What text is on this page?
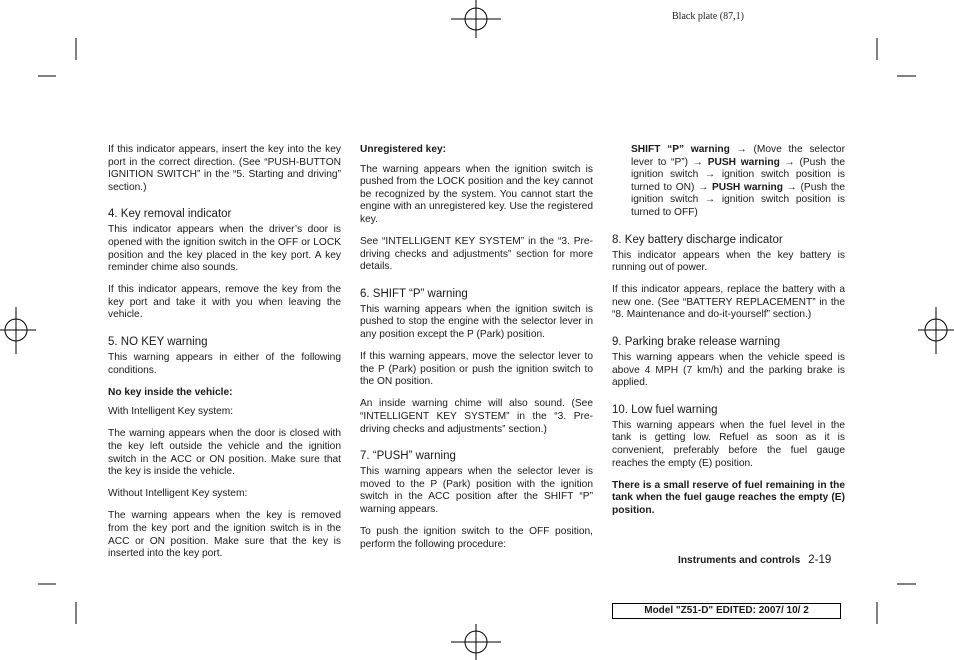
Black plate (87,1)

If this indicator appears, insert the key into the key port in the correct direction. (See “PUSH-BUTTON IGNITION SWITCH” in the “5. Starting and driving” section.)

4. Key removal indicator

This indicator appears when the driver’s door is opened with the ignition switch in the OFF or LOCK position and the key placed in the key port. A key reminder chime also sounds.

If this indicator appears, remove the key from the key port and take it with you when leaving the vehicle.

5. NO KEY warning

This warning appears in either of the following conditions.

No key inside the vehicle:

With Intelligent Key system:

The warning appears when the door is closed with the key left outside the vehicle and the ignition switch in the ACC or ON position. Make sure that the key is inside the vehicle.

Without Intelligent Key system:

The warning appears when the key is removed from the key port and the ignition switch is in the ACC or ON position. Make sure that the key is inserted into the key port.

Unregistered key:

The warning appears when the ignition switch is pushed from the LOCK position and the key cannot be recognized by the system. You cannot start the engine with an unregistered key. Use the registered key.

See “INTELLIGENT KEY SYSTEM” in the “3. Pre-driving checks and adjustments” section for more details.

6. SHIFT “P” warning

This warning appears when the ignition switch is pushed to stop the engine with the selector lever in any position except the P (Park) position.

If this warning appears, move the selector lever to the P (Park) position or push the ignition switch to the ON position.

An inside warning chime will also sound. (See “INTELLIGENT KEY SYSTEM” in the “3. Pre-driving checks and adjustments” section.)

7. “PUSH” warning

This warning appears when the selector lever is moved to the P (Park) position with the ignition switch in the ACC position after the SHIFT “P” warning appears.

To push the ignition switch to the OFF position, perform the following procedure:

SHIFT “P” warning → (Move the selector lever to “P”) → PUSH warning → (Push the ignition switch → ignition switch position is turned to ON) → PUSH warning → (Push the ignition switch → ignition switch position is turned to OFF)

8. Key battery discharge indicator

This indicator appears when the key battery is running out of power.

If this indicator appears, replace the battery with a new one. (See “BATTERY REPLACEMENT” in the “8. Maintenance and do-it-yourself” section.)

9. Parking brake release warning

This warning appears when the vehicle speed is above 4 MPH (7 km/h) and the parking brake is applied.

10. Low fuel warning

This warning appears when the fuel level in the tank is getting low. Refuel as soon as it is convenient, preferably before the fuel gauge reaches the empty (E) position.

There is a small reserve of fuel remaining in the tank when the fuel gauge reaches the empty (E) position.

Instruments and controls 2-19
Model "Z51-D" EDITED: 2007/ 10/ 2
